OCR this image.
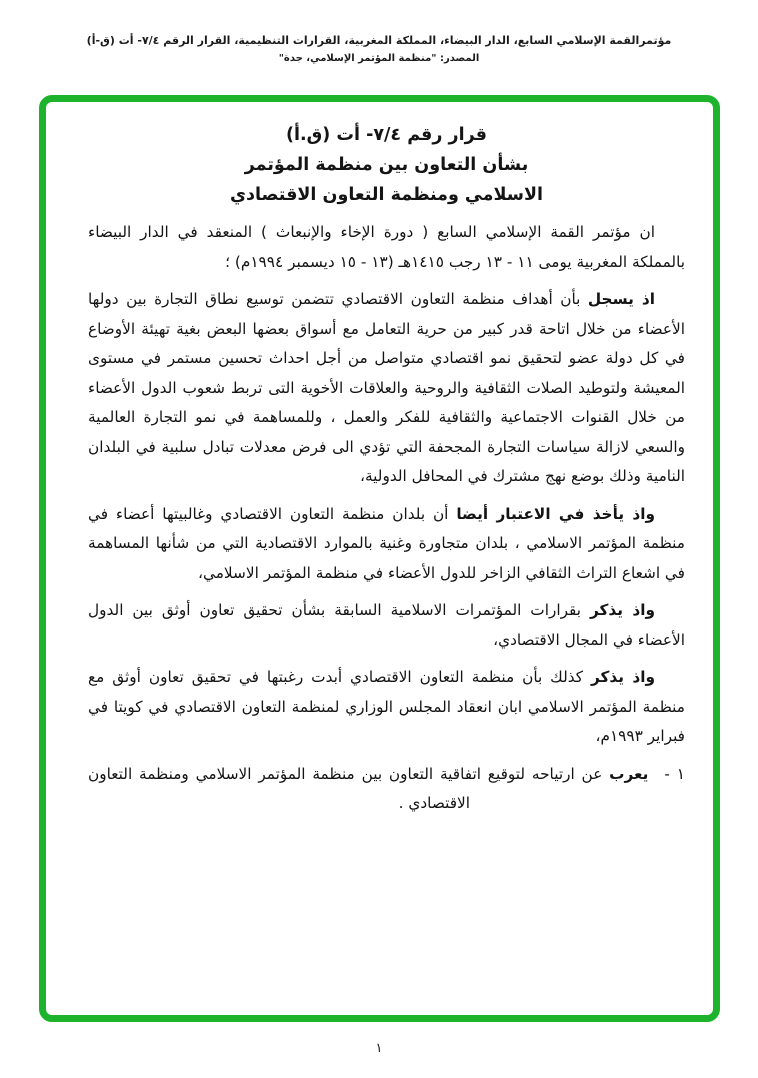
مؤتمرالقمة الإسلامي السابع، الدار البيضاء، المملكة المغربية، القرارات التنظيمية، القرار الرقم ٧/٤- أت (ق-أ)
المصدر: "منظمة المؤتمر الإسلامي، جدة"
قرار رقم ٧/٤- أت (ق.أ)
بشأن التعاون بين منظمة المؤتمر
الاسلامي ومنظمة التعاون الاقتصادي

ان مؤتمر القمة الإسلامي السابع ( دورة الإخاء والإنبعاث ) المنعقد في الدار البيضاء بالمملكة المغربية يومى ١١ - ١٣ رجب ١٤١٥هـ (١٣ - ١٥ ديسمبر ١٩٩٤م) ؛

اذ يسجل بأن أهداف منظمة التعاون الاقتصادي تتضمن توسيع نطاق التجارة بين دولها الأعضاء من خلال اتاحة قدر كبير من حرية التعامل مع أسواق بعضها البعض بغية تهيئة الأوضاع في كل دولة عضو لتحقيق نمو اقتصادي متواصل من أجل احداث تحسين مستمر في مستوى المعيشة ولتوطيد الصلات الثقافية والروحية والعلاقات الأخوية التى تربط شعوب الدول الأعضاء من خلال القنوات الاجتماعية والثقافية للفكر والعمل ، وللمساهمة في نمو التجارة العالمية والسعي لازالة سياسات التجارة المجحفة التي تؤدي الى فرض معدلات تبادل سلبية في البلدان النامية وذلك بوضع نهج مشترك في المحافل الدولية،

واذ يأخذ في الاعتبار أيضا أن بلدان منظمة التعاون الاقتصادي وغالبيتها أعضاء في منظمة المؤتمر الاسلامي ، بلدان متجاورة وغنية بالموارد الاقتصادية التي من شأنها المساهمة في اشعاع التراث الثقافي الزاخر للدول الأعضاء في منظمة المؤتمر الاسلامي،

واذ يذكر بقرارات المؤتمرات الاسلامية السابقة بشأن تحقيق تعاون أوثق بين الدول الأعضاء في المجال الاقتصادي،

واذ يذكر كذلك بأن منظمة التعاون الاقتصادي أبدت رغبتها في تحقيق تعاون أوثق مع منظمة المؤتمر الاسلامي ابان انعقاد المجلس الوزاري لمنظمة التعاون الاقتصادي في كويتا في فبراير ١٩٩٣م،

١ -يعرب عن ارتياحه لتوقيع اتفاقية التعاون بين منظمة المؤتمر الاسلامي ومنظمة التعاون الاقتصادي .

١
